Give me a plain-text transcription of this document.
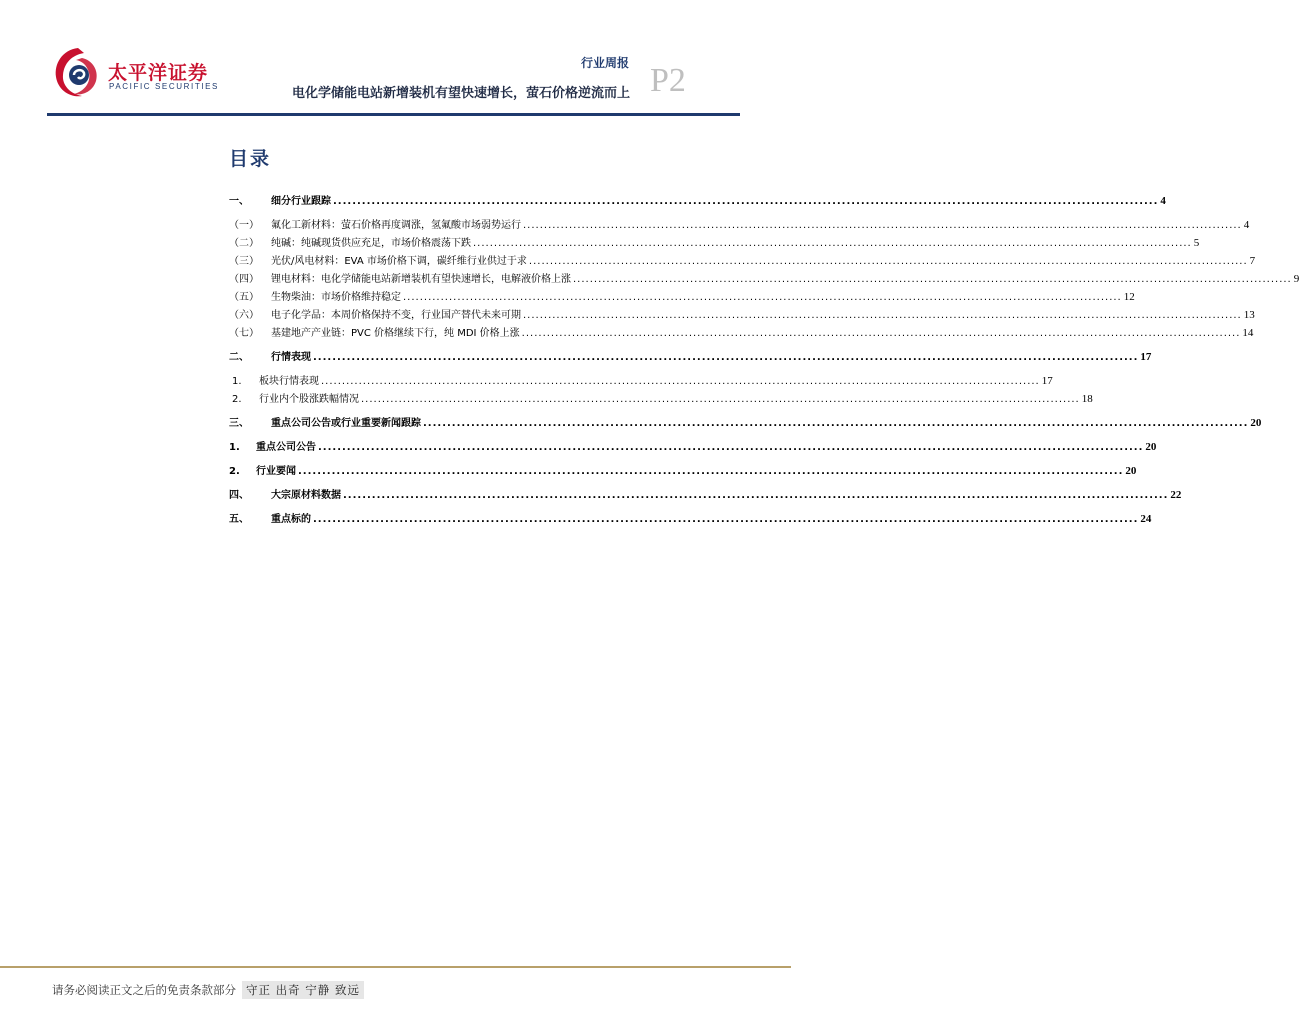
太平洋证券
PACIFIC SECURITIES
行业周报
电化学储能电站新增装机有望快速增长，萤石价格逆流而上 P2
目录
一、	细分行业跟踪 ............................................................................................................................................................................ 4
（一）	氟化工新材料：萤石价格再度调涨，氢氟酸市场弱势运行 ............................................................................................................................................................................ 4
（二）	纯碱：纯碱现货供应充足，市场价格震荡下跌 ............................................................................................................................................................................ 5
（三）	光伏/风电材料：EVA 市场价格下调，碳纤维行业供过于求 ............................................................................................................................................................................ 7
（四）	锂电材料：电化学储能电站新增装机有望快速增长，电解液价格上涨 ............................................................................................................................................................................ 9
（五）	生物柴油：市场价格维持稳定 ............................................................................................................................................................................ 12
（六）	电子化学品：本周价格保持不变，行业国产替代未来可期 ............................................................................................................................................................................ 13
（七）	基建地产产业链：PVC 价格继续下行，纯 MDI 价格上涨 ............................................................................................................................................................................ 14
二、	行情表现 ............................................................................................................................................................................ 17
1.	板块行情表现 ............................................................................................................................................................................ 17
2.	行业内个股涨跌幅情况 ............................................................................................................................................................................ 18
三、	重点公司公告或行业重要新闻跟踪 ............................................................................................................................................................................ 20
1.	重点公司公告 ............................................................................................................................................................................ 20
2.	行业要闻 ............................................................................................................................................................................ 20
四、	大宗原材料数据 ............................................................................................................................................................................ 22
五、	重点标的 ............................................................................................................................................................................ 24
请务必阅读正文之后的免责条款部分 守正 出奇 宁静 致远
